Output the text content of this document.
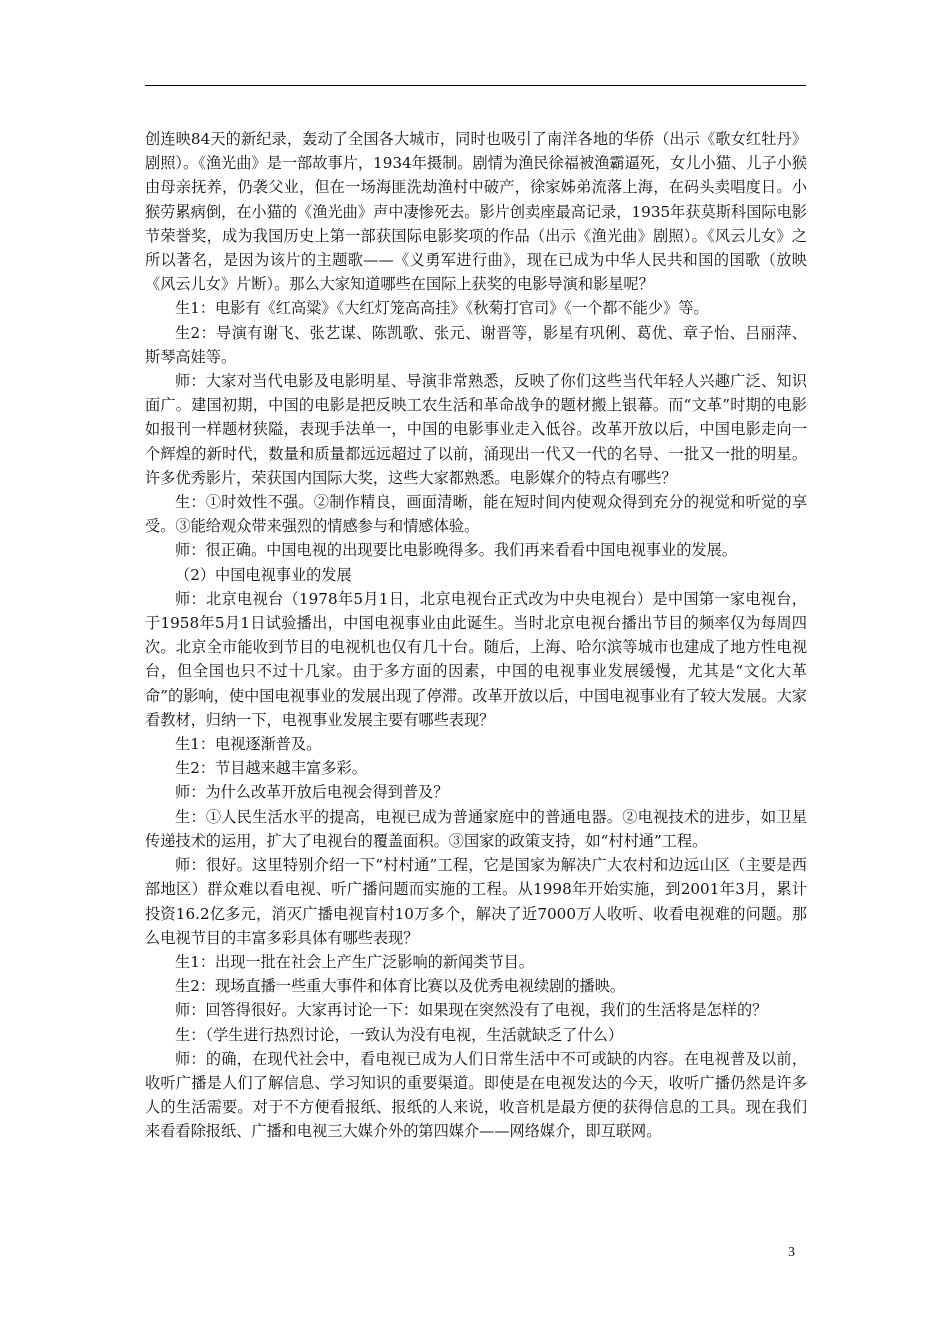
创连映84天的新纪录，轰动了全国各大城市，同时也吸引了南洋各地的华侨（出示《歌女红牡丹》剧照）。《渔光曲》是一部故事片，1934年摄制。剧情为渔民徐福被渔霸逼死，女儿小猫、儿子小猴由母亲抚养，仍袭父业，但在一场海匪洗劫渔村中破产，徐家姊弟流落上海，在码头卖唱度日。小猴劳累病倒，在小猫的《渔光曲》声中凄惨死去。影片创卖座最高记录，1935年获莫斯科国际电影节荣誉奖，成为我国历史上第一部获国际电影奖项的作品（出示《渔光曲》剧照）。《风云儿女》之所以著名，是因为该片的主题歌——《义勇军进行曲》，现在已成为中华人民共和国的国歌（放映《风云儿女》片断）。那么大家知道哪些在国际上获奖的电影导演和影星呢？

生1：电影有《红高粱》《大红灯笼高高挂》《秋菊打官司》《一个都不能少》等。

生2：导演有谢飞、张艺谋、陈凯歌、张元、谢晋等，影星有巩俐、葛优、章子怡、吕丽萍、斯琴高娃等。

师：大家对当代电影及电影明星、导演非常熟悉，反映了你们这些当代年轻人兴趣广泛、知识面广。建国初期，中国的电影是把反映工农生活和革命战争的题材搬上银幕。而“文革”时期的电影如报刊一样题材狭隘，表现手法单一，中国的电影事业走入低谷。改革开放以后，中国电影走向一个辉煌的新时代，数量和质量都远远超过了以前，涌现出一代又一代的名导、一批又一批的明星。许多优秀影片，荣获国内国际大奖，这些大家都熟悉。电影媒介的特点有哪些？

生：①时效性不强。②制作精良，画面清晰，能在短时间内使观众得到充分的视觉和听觉的享受。③能给观众带来强烈的情感参与和情感体验。

师：很正确。中国电视的出现要比电影晚得多。我们再来看看中国电视事业的发展。

（2）中国电视事业的发展

师：北京电视台（1978年5月1日，北京电视台正式改为中央电视台）是中国第一家电视台，于1958年5月1日试验播出，中国电视事业由此诞生。当时北京电视台播出节目的频率仅为每周四次。北京全市能收到节目的电视机也仅有几十台。随后，上海、哈尔滨等城市也建成了地方性电视台，但全国也只不过十几家。由于多方面的因素，中国的电视事业发展缓慢，尤其是“文化大革命”的影响，使中国电视事业的发展出现了停滞。改革开放以后，中国电视事业有了较大发展。大家看教材，归纳一下，电视事业发展主要有哪些表现？

生1：电视逐渐普及。

生2：节目越来越丰富多彩。

师：为什么改革开放后电视会得到普及？

生：①人民生活水平的提高，电视已成为普通家庭中的普通电器。②电视技术的进步，如卫星传递技术的运用，扩大了电视台的覆盖面积。③国家的政策支持，如“村村通”工程。

师：很好。这里特别介绍一下“村村通”工程，它是国家为解决广大农村和边远山区（主要是西部地区）群众难以看电视、听广播问题而实施的工程。从1998年开始实施，到2001年3月，累计投资16.2亿多元，消灭广播电视盲村10万多个，解决了近7000万人收听、收看电视难的问题。那么电视节目的丰富多彩具体有哪些表现？

生1：出现一批在社会上产生广泛影响的新闻类节目。

生2：现场直播一些重大事件和体育比赛以及优秀电视续剧的播映。

师：回答得很好。大家再讨论一下：如果现在突然没有了电视，我们的生活将是怎样的？

生：（学生进行热烈讨论，一致认为没有电视，生活就缺乏了什么）

师：的确，在现代社会中，看电视已成为人们日常生活中不可或缺的内容。在电视普及以前，收听广播是人们了解信息、学习知识的重要渠道。即使是在电视发达的今天，收听广播仍然是许多人的生活需要。对于不方便看报纸、报纸的人来说，收音机是最方便的获得信息的工具。现在我们来看看除报纸、广播和电视三大媒介外的第四媒介——网络媒介，即互联网。

3
